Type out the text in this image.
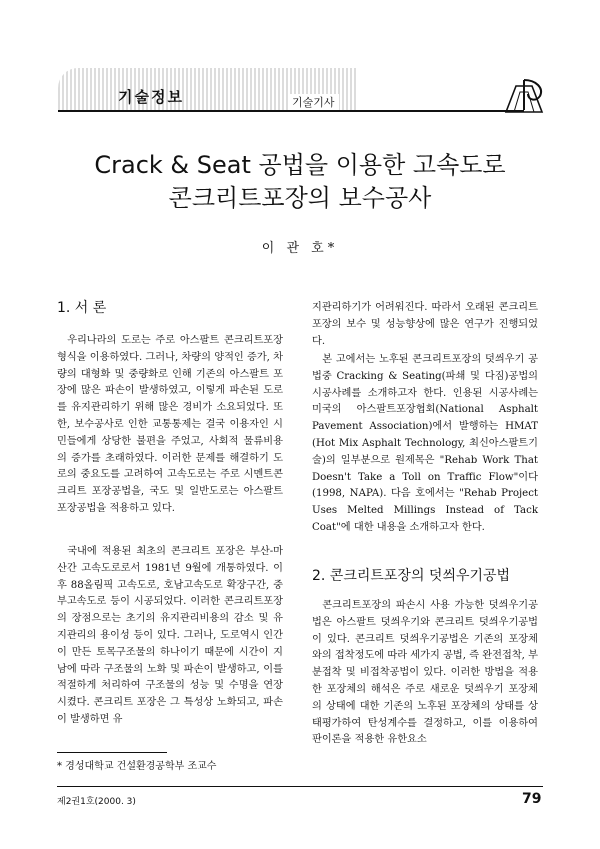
기술정보	기술기사
Crack & Seat 공법을 이용한 고속도로
콘크리트포장의 보수공사
이 관 호*
1. 서 론

우리나라의 도로는 주로 아스팔트 콘크리트포장형식을 이용하였다. 그러나, 차량의 양적인 증가, 차량의 대형화 및 중량화로 인해 기존의 아스팔트 포장에 많은 파손이 발생하였고, 이렇게 파손된 도로를 유지관리하기 위해 많은 경비가 소요되었다. 또한, 보수공사로 인한 교통통제는 결국 이용자인 시민들에게 상당한 불편을 주었고, 사회적 물류비용의 증가를 초래하였다. 이러한 문제를 해결하기 도로의 중요도를 고려하여 고속도로는 주로 시멘트콘크리트 포장공법을, 국도 및 일반도로는 아스팔트 포장공법을 적용하고 있다.

국내에 적용된 최초의 콘크리트 포장은 부산-마산간 고속도로로서 1981년 9월에 개통하였다. 이후 88올림픽 고속도로, 호남고속도로 확장구간, 중부고속도로 등이 시공되었다. 이러한 콘크리트포장의 장점으로는 초기의 유지관리비용의 감소 및 유지관리의 용이성 등이 있다. 그러나, 도로역시 인간이 만든 토목구조물의 하나이기 때문에 시간이 지남에 따라 구조물의 노화 및 파손이 발생하고, 이를 적절하게 처리하여 구조물의 성능 및 수명을 연장시켰다. 콘크리트 포장은 그 특성상 노화되고, 파손이 발생하면 유

지관리하기가 어려워진다. 따라서 오래된 콘크리트포장의 보수 및 성능향상에 많은 연구가 진행되었다.

본 고에서는 노후된 콘크리트포장의 덧씌우기 공법중 Cracking & Seating(파쇄 및 다짐)공법의 시공사례를 소개하고자 한다. 인용된 시공사례는 미국의 아스팔트포장협회(National Asphalt Pavement Association)에서 발행하는 HMAT (Hot Mix Asphalt Technology, 최신아스팔트기술)의 일부분으로 원제목은 "Rehab Work That Doesn't Take a Toll on Traffic Flow"이다 (1998, NAPA). 다음 호에서는 "Rehab Project Uses Melted Millings Instead of Tack Coat"에 대한 내용을 소개하고자 한다.

2. 콘크리트포장의 덧씌우기공법

콘크리트포장의 파손시 사용 가능한 덧씌우기공법은 아스팔트 덧씌우기와 콘크리트 덧씌우기공법이 있다. 콘크리트 덧씌우기공법은 기존의 포장체와의 접착정도에 따라 세가지 공법, 즉 완전접착, 부분접착 및 비접착공법이 있다. 이러한 방법을 적용한 포장체의 해석은 주로 새로운 덧씌우기 포장체의 상태에 대한 기존의 노후된 포장체의 상태를 상태평가하여 탄성계수를 결정하고, 이를 이용하여 판이론을 적용한 유한요소

* 경성대학교 건설환경공학부 조교수
제2권1호(2000. 3)	79
